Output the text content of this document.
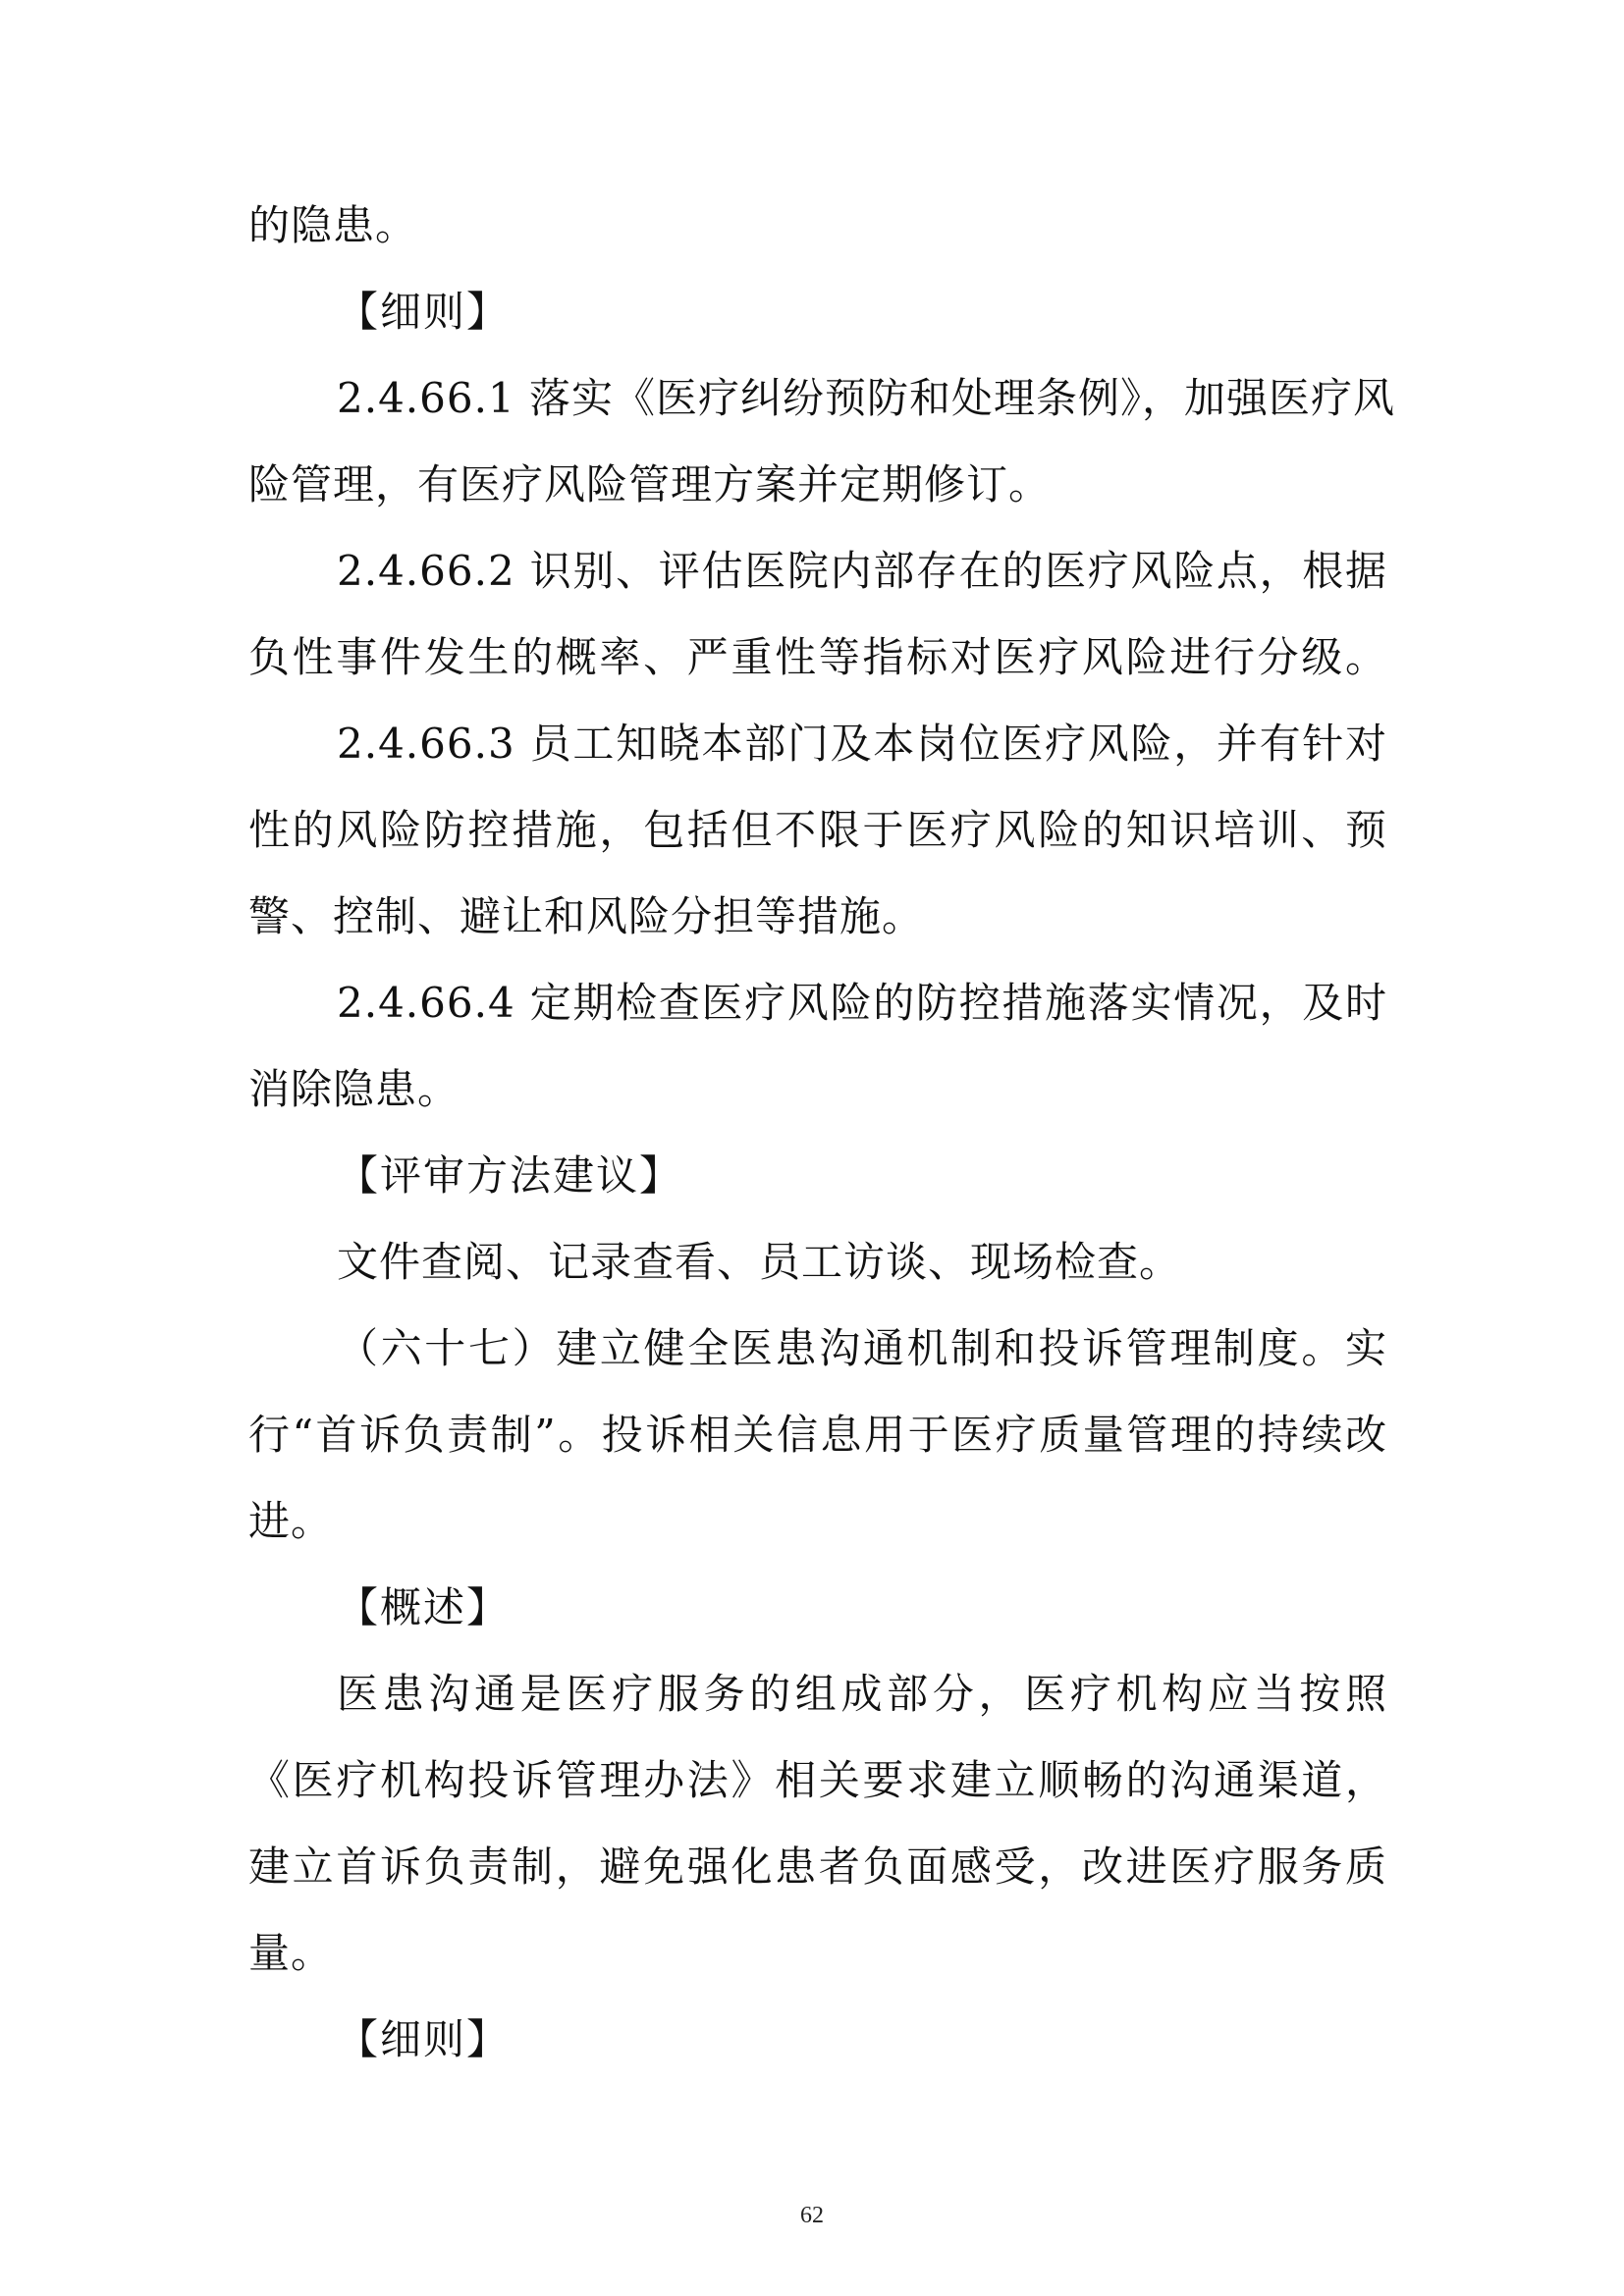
的隐患。
【细则】
2.4.66.1 落实《医疗纠纷预防和处理条例》，加强医疗风
险管理，有医疗风险管理方案并定期修订。
2.4.66.2 识别、评估医院内部存在的医疗风险点，根据
负性事件发生的概率、严重性等指标对医疗风险进行分级。
2.4.66.3 员工知晓本部门及本岗位医疗风险，并有针对
性的风险防控措施，包括但不限于医疗风险的知识培训、预
警、控制、避让和风险分担等措施。
2.4.66.4 定期检查医疗风险的防控措施落实情况，及时
消除隐患。
【评审方法建议】
文件查阅、记录查看、员工访谈、现场检查。
（六十七）建立健全医患沟通机制和投诉管理制度。实
行“首诉负责制”。投诉相关信息用于医疗质量管理的持续改
进。
【概述】
医患沟通是医疗服务的组成部分，医疗机构应当按照
《医疗机构投诉管理办法》相关要求建立顺畅的沟通渠道，
建立首诉负责制，避免强化患者负面感受，改进医疗服务质
量。
【细则】
62
